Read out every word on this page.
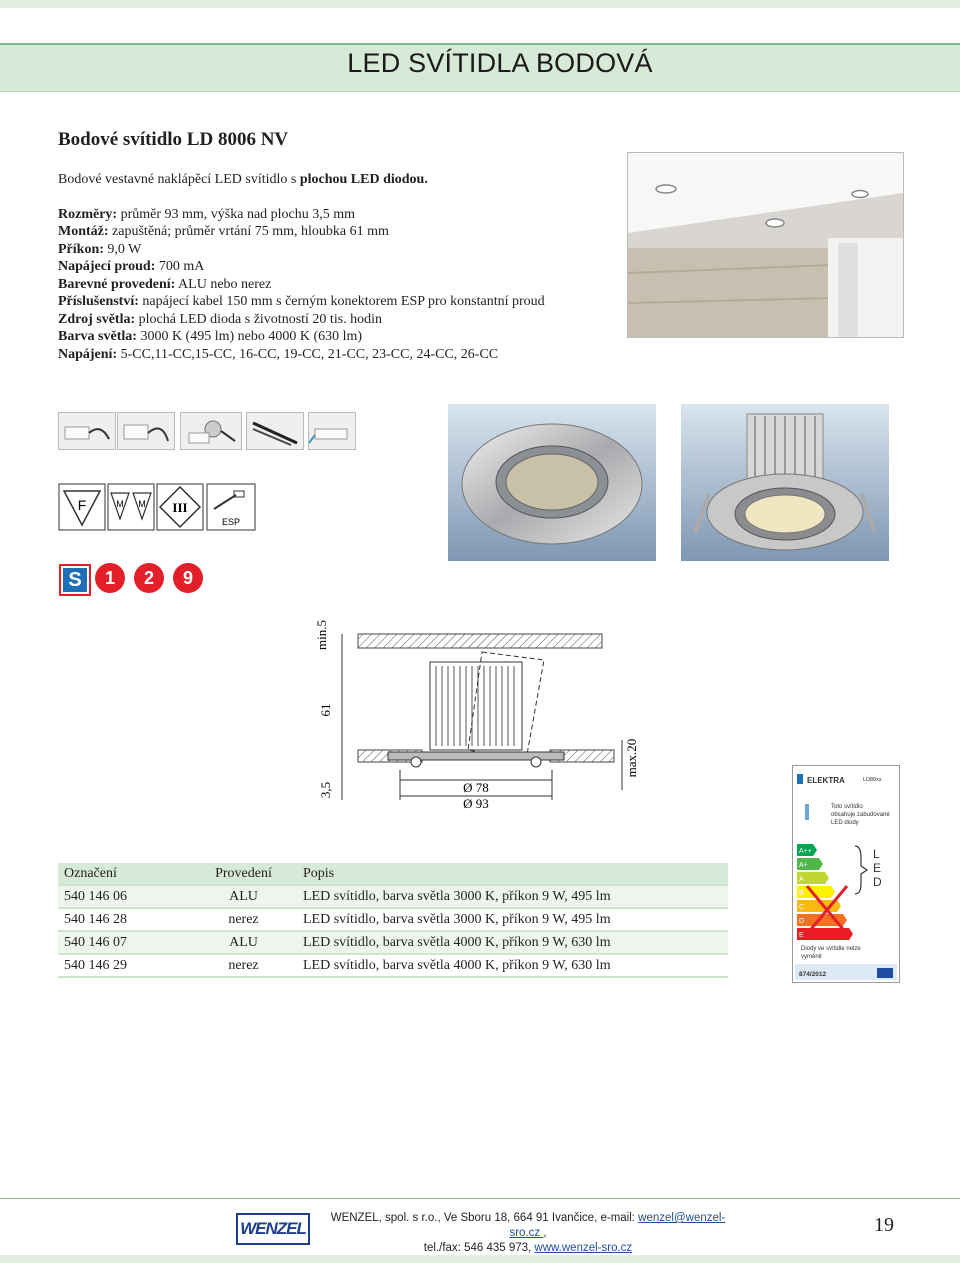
LED SVÍTIDLA BODOVÁ
Bodové svítidlo LD 8006 NV
Bodové vestavné naklápěcí LED svítidlo s plochou LED diodou.
Rozměry: průměr 93 mm, výška nad plochu 3,5 mm
Montáž: zapuštěná; průměr vrtání 75 mm, hloubka 61 mm
Příkon: 9,0 W
Napájecí proud: 700 mA
Barevné provedení: ALU nebo nerez
Příslušenství: napájecí kabel 150 mm s černým konektorem ESP pro konstantní proud
Zdroj světla: plochá LED dioda s životností 20 tis. hodin
Barva světla: 3000 K (495 lm) nebo 4000 K (630 lm)
Napájení: 5-CC,11-CC,15-CC, 16-CC, 19-CC, 21-CC, 23-CC, 24-CC, 26-CC
F	M M III
ESP
S	1	2	9
min.5
61
3,5
max.20
Ø 78
Ø 93
ELEKTRA	LD80xx
Toto svítidlo
obsahuje zabudované
LED diody
A++
A+
A
B
C
D
E
L
E
D
Diody ve svítidle nelze
vyměnit
874/2012
Označení	Provedení	Popis
540 146 06	ALU	LED svítidlo, barva světla 3000 K, příkon 9 W, 495 lm
540 146 28	nerez	LED svítidlo, barva světla 3000 K, příkon 9 W, 495 lm
540 146 07	ALU	LED svítidlo, barva světla 4000 K, příkon 9 W, 630 lm
540 146 29	nerez	LED svítidlo, barva světla 4000 K, příkon 9 W, 630 lm
WENZEL
WENZEL, spol. s r.o., Ve Sboru 18, 664 91 Ivančice, e-mail: wenzel@wenzel-sro.cz ,
tel./fax: 546 435 973, www.wenzel-sro.cz
19
